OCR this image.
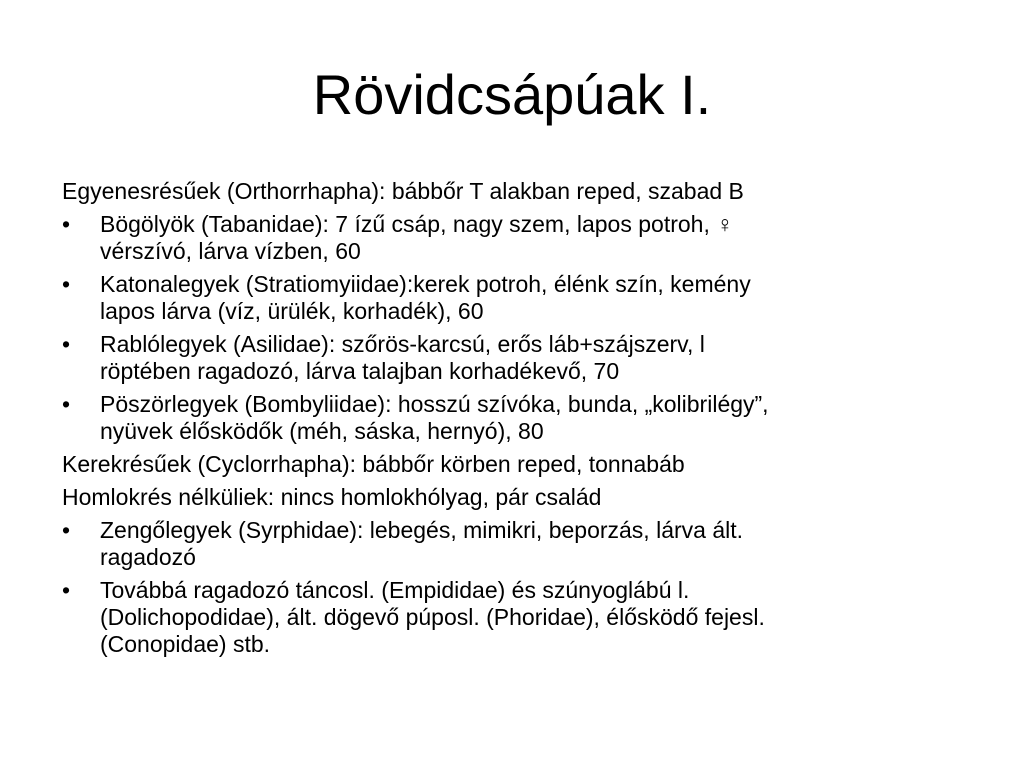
Rövidcsápúak I.

Egyenesrésűek (Orthorrhapha): bábbőr T alakban reped, szabad B

•	Bögölyök (Tabanidae): 7 ízű csáp, nagy szem, lapos potroh, ♀
vérszívó, lárva vízben, 60
•	Katonalegyek (Stratiomyiidae):kerek potroh, élénk szín, kemény
lapos lárva (víz, ürülék, korhadék), 60
•	Rablólegyek (Asilidae): szőrös-karcsú, erős láb+szájszerv, l
röptében ragadozó, lárva talajban korhadékevő, 70
•	Pöszörlegyek (Bombyliidae): hosszú szívóka, bunda, „kolibrilégy”,
nyüvek élősködők (méh, sáska, hernyó), 80

Kerekrésűek (Cyclorrhapha): bábbőr körben reped, tonnabáb

Homlokrés nélküliek: nincs homlokhólyag, pár család

•	Zengőlegyek (Syrphidae): lebegés, mimikri, beporzás, lárva ált.
ragadozó
•	Továbbá ragadozó táncosl. (Empididae) és szúnyoglábú l.
(Dolichopodidae), ált. dögevő púposl. (Phoridae), élősködő fejesl.
(Conopidae) stb.
